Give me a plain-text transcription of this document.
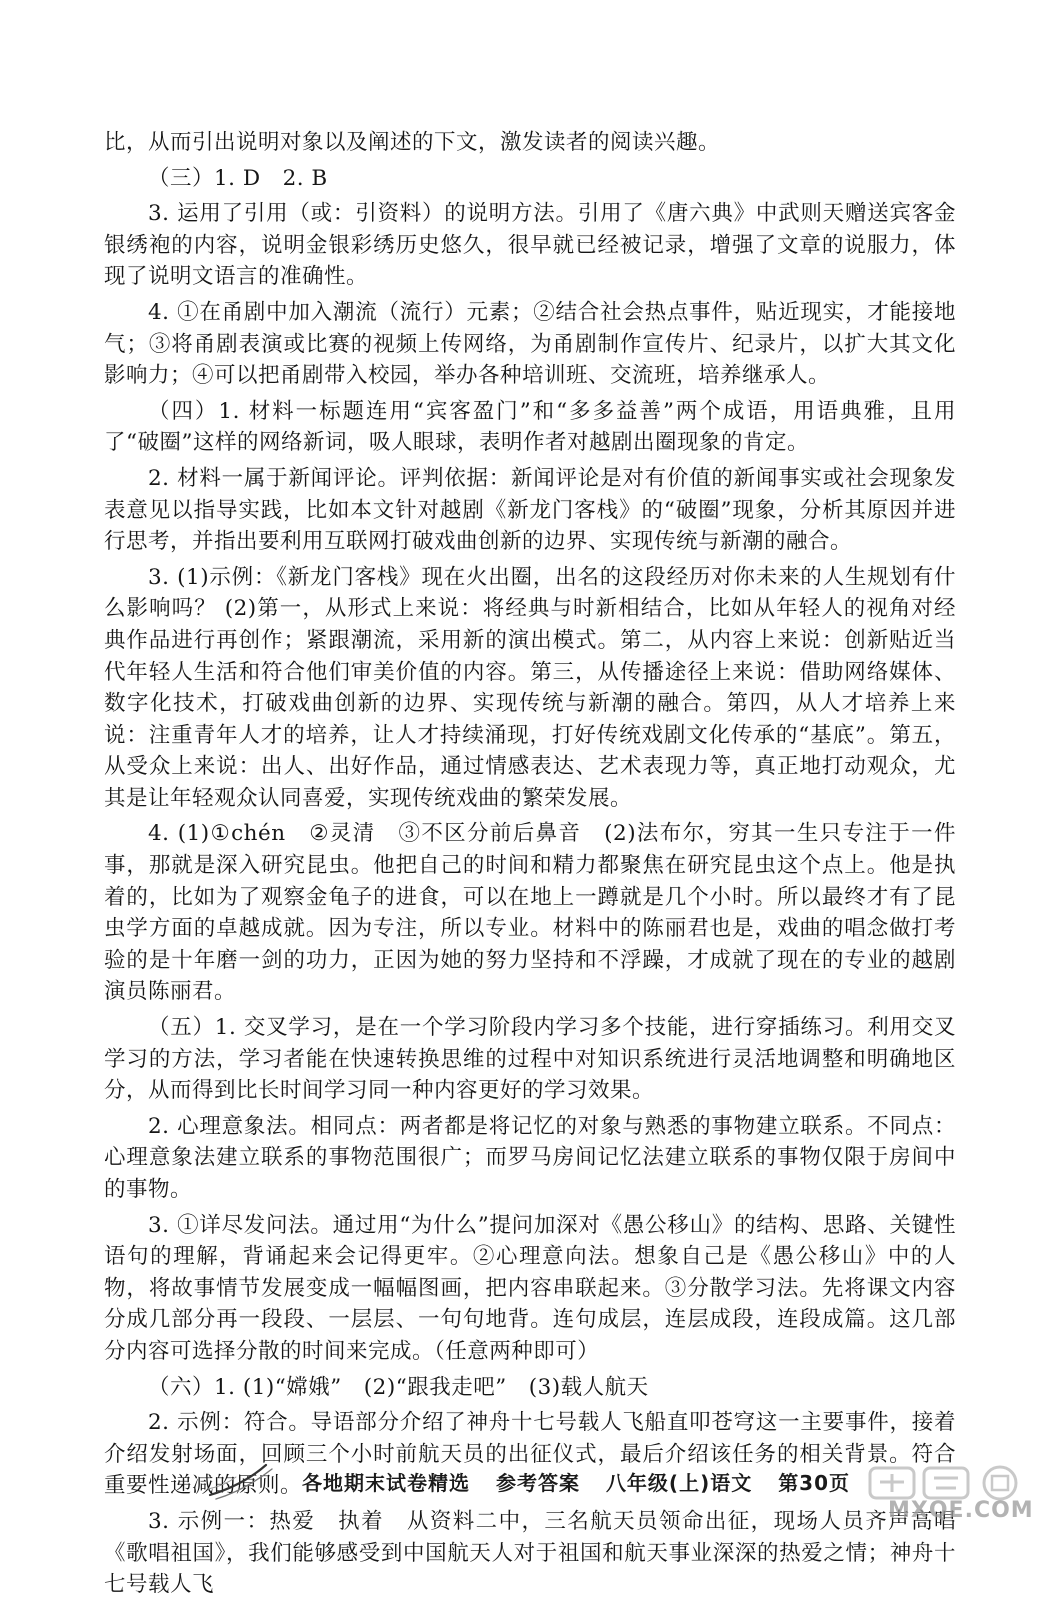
比，从而引出说明对象以及阐述的下文，激发读者的阅读兴趣。

（三）1. D　2. B

3. 运用了引用（或：引资料）的说明方法。引用了《唐六典》中武则天赠送宾客金银绣袍的内容，说明金银彩绣历史悠久，很早就已经被记录，增强了文章的说服力，体现了说明文语言的准确性。

4. ①在甬剧中加入潮流（流行）元素；②结合社会热点事件，贴近现实，才能接地气；③将甬剧表演或比赛的视频上传网络，为甬剧制作宣传片、纪录片，以扩大其文化影响力；④可以把甬剧带入校园，举办各种培训班、交流班，培养继承人。

（四）1. 材料一标题连用“宾客盈门”和“多多益善”两个成语，用语典雅，且用了“破圈”这样的网络新词，吸人眼球，表明作者对越剧出圈现象的肯定。

2. 材料一属于新闻评论。评判依据：新闻评论是对有价值的新闻事实或社会现象发表意见以指导实践，比如本文针对越剧《新龙门客栈》的“破圈”现象，分析其原因并进行思考，并指出要利用互联网打破戏曲创新的边界、实现传统与新潮的融合。

3. (1)示例：《新龙门客栈》现在火出圈，出名的这段经历对你未来的人生规划有什么影响吗？ (2)第一，从形式上来说：将经典与时新相结合，比如从年轻人的视角对经典作品进行再创作；紧跟潮流，采用新的演出模式。第二，从内容上来说：创新贴近当代年轻人生活和符合他们审美价值的内容。第三，从传播途径上来说：借助网络媒体、数字化技术，打破戏曲创新的边界、实现传统与新潮的融合。第四，从人才培养上来说：注重青年人才的培养，让人才持续涌现，打好传统戏剧文化传承的“基底”。第五，从受众上来说：出人、出好作品，通过情感表达、艺术表现力等，真正地打动观众，尤其是让年轻观众认同喜爱，实现传统戏曲的繁荣发展。

4. (1)①chén　②灵清　③不区分前后鼻音　(2)法布尔，穷其一生只专注于一件事，那就是深入研究昆虫。他把自己的时间和精力都聚焦在研究昆虫这个点上。他是执着的，比如为了观察金龟子的进食，可以在地上一蹲就是几个小时。所以最终才有了昆虫学方面的卓越成就。因为专注，所以专业。材料中的陈丽君也是，戏曲的唱念做打考验的是十年磨一剑的功力，正因为她的努力坚持和不浮躁，才成就了现在的专业的越剧演员陈丽君。

（五）1. 交叉学习，是在一个学习阶段内学习多个技能，进行穿插练习。利用交叉学习的方法，学习者能在快速转换思维的过程中对知识系统进行灵活地调整和明确地区分，从而得到比长时间学习同一种内容更好的学习效果。

2. 心理意象法。相同点：两者都是将记忆的对象与熟悉的事物建立联系。不同点：心理意象法建立联系的事物范围很广；而罗马房间记忆法建立联系的事物仅限于房间中的事物。

3. ①详尽发问法。通过用“为什么”提问加深对《愚公移山》的结构、思路、关键性语句的理解，背诵起来会记得更牢。②心理意向法。想象自己是《愚公移山》中的人物，将故事情节发展变成一幅幅图画，把内容串联起来。③分散学习法。先将课文内容分成几部分再一段段、一层层、一句句地背。连句成层，连层成段，连段成篇。这几部分内容可选择分散的时间来完成。（任意两种即可）

（六）1. (1)“嫦娥”　(2)“跟我走吧”　(3)载人航天

2. 示例：符合。导语部分介绍了神舟十七号载人飞船直叩苍穹这一主要事件，接着介绍发射场面，回顾三个小时前航天员的出征仪式，最后介绍该任务的相关背景。符合重要性递减的原则。

3. 示例一：热爱　执着　从资料二中，三名航天员领命出征，现场人员齐声高唱《歌唱祖国》，我们能够感受到中国航天人对于祖国和航天事业深深的热爱之情；神舟十七号载人飞

各地期末试卷精选 参考答案 八年级(上)语文 第30页
MXQE.COM
